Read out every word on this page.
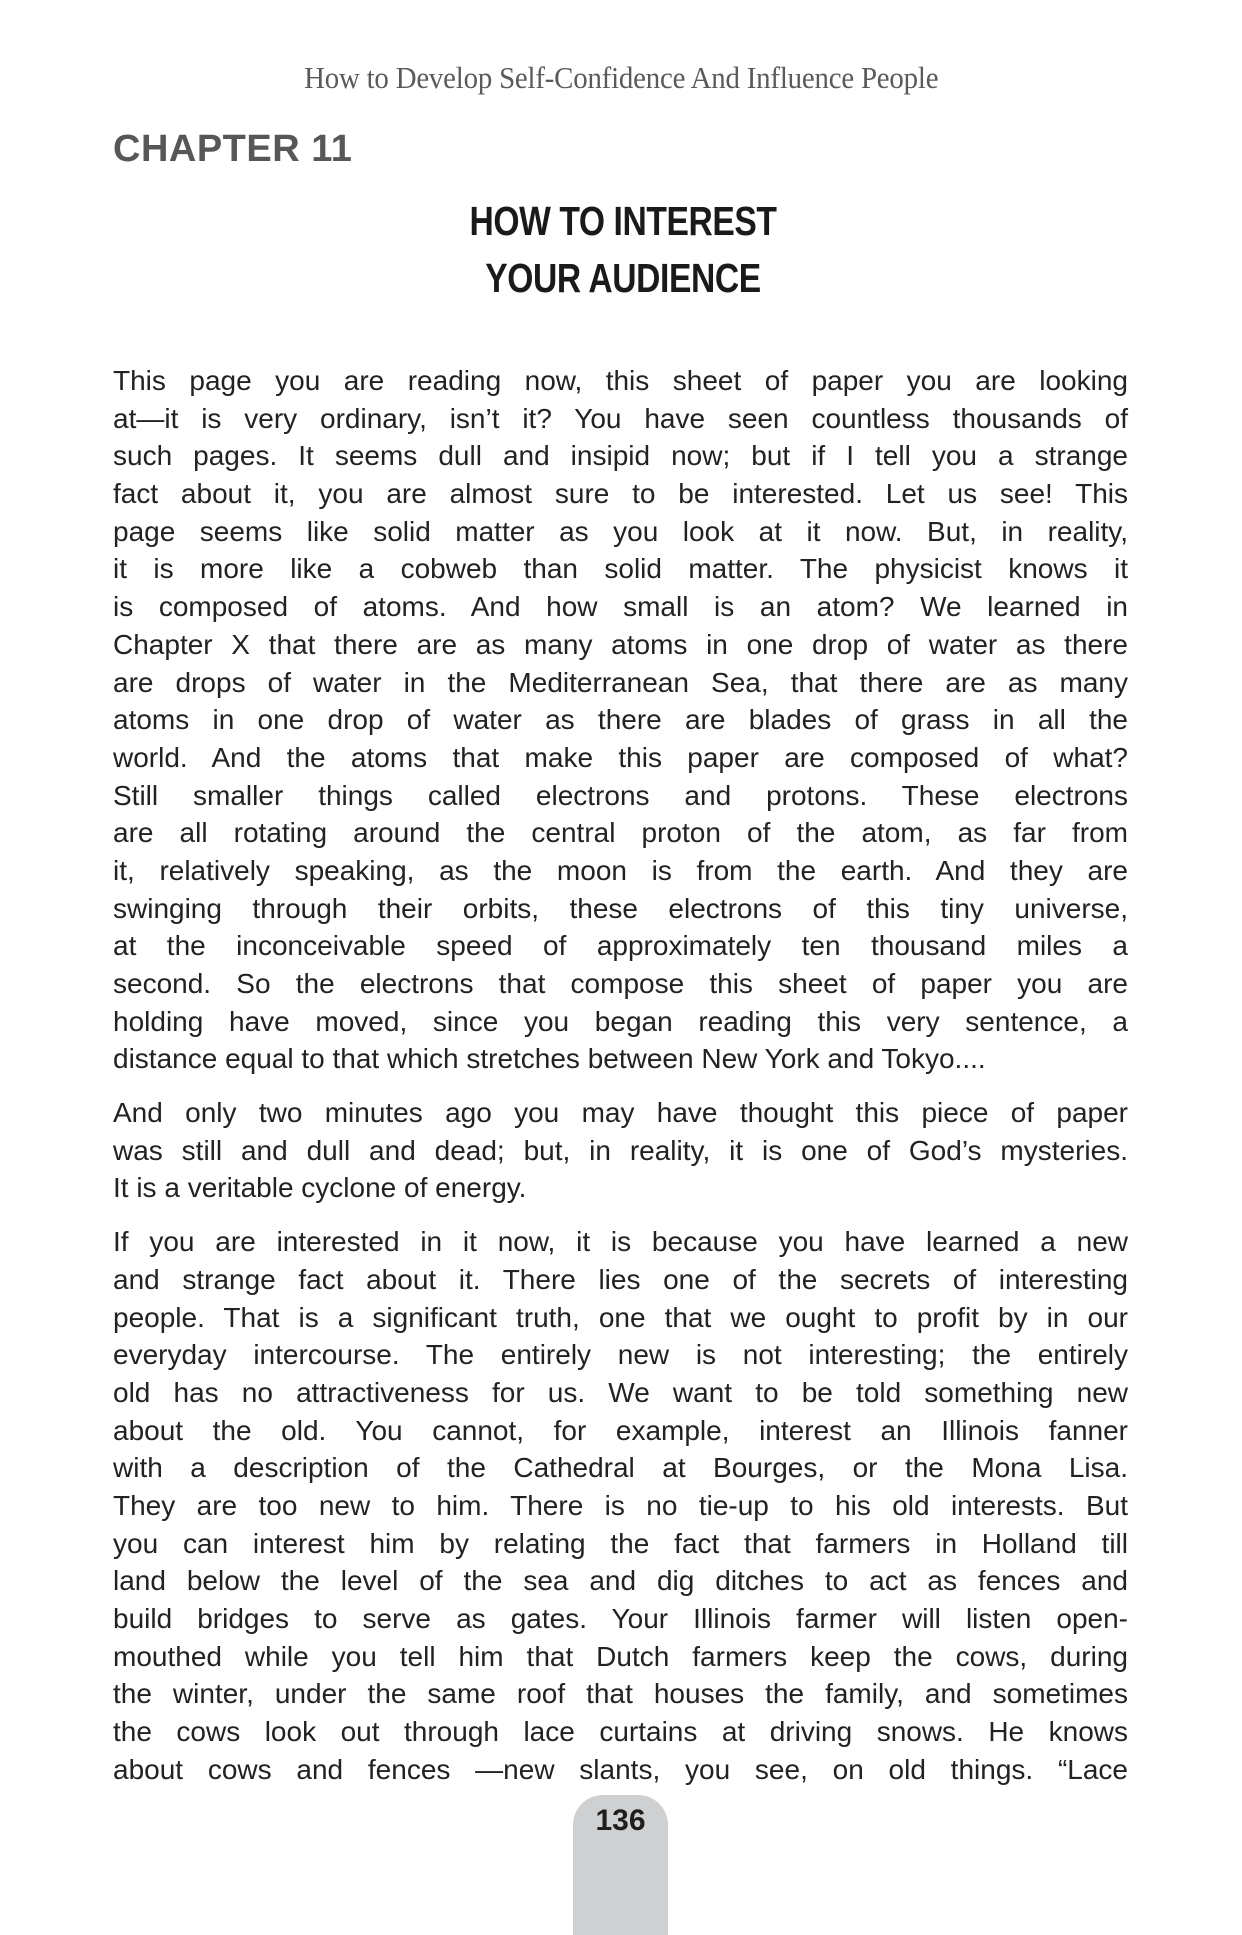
How to Develop Self-Confidence And Influence People
CHAPTER 11
HOW TO INTEREST
YOUR AUDIENCE
This page you are reading now, this sheet of paper you are looking
at—it is very ordinary, isn’t it? You have seen countless thousands of
such pages. It seems dull and insipid now; but if I tell you a strange
fact about it, you are almost sure to be interested. Let us see! This
page seems like solid matter as you look at it now. But, in reality,
it is more like a cobweb than solid matter. The physicist knows it
is composed of atoms. And how small is an atom? We learned in
Chapter X that there are as many atoms in one drop of water as there
are drops of water in the Mediterranean Sea, that there are as many
atoms in one drop of water as there are blades of grass in all the
world. And the atoms that make this paper are composed of what?
Still smaller things called electrons and protons. These electrons
are all rotating around the central proton of the atom, as far from
it, relatively speaking, as the moon is from the earth. And they are
swinging through their orbits, these electrons of this tiny universe,
at the inconceivable speed of approximately ten thousand miles a
second. So the electrons that compose this sheet of paper you are
holding have moved, since you began reading this very sentence, a
distance equal to that which stretches between New York and Tokyo....
And only two minutes ago you may have thought this piece of paper
was still and dull and dead; but, in reality, it is one of God’s mysteries.
It is a veritable cyclone of energy.
If you are interested in it now, it is because you have learned a new
and strange fact about it. There lies one of the secrets of interesting
people. That is a significant truth, one that we ought to profit by in our
everyday intercourse. The entirely new is not interesting; the entirely
old has no attractiveness for us. We want to be told something new
about the old. You cannot, for example, interest an Illinois fanner
with a description of the Cathedral at Bourges, or the Mona Lisa.
They are too new to him. There is no tie-up to his old interests. But
you can interest him by relating the fact that farmers in Holland till
land below the level of the sea and dig ditches to act as fences and
build bridges to serve as gates. Your Illinois farmer will listen open-
mouthed while you tell him that Dutch farmers keep the cows, during
the winter, under the same roof that houses the family, and sometimes
the cows look out through lace curtains at driving snows. He knows
about cows and fences —new slants, you see, on old things. “Lace
136
